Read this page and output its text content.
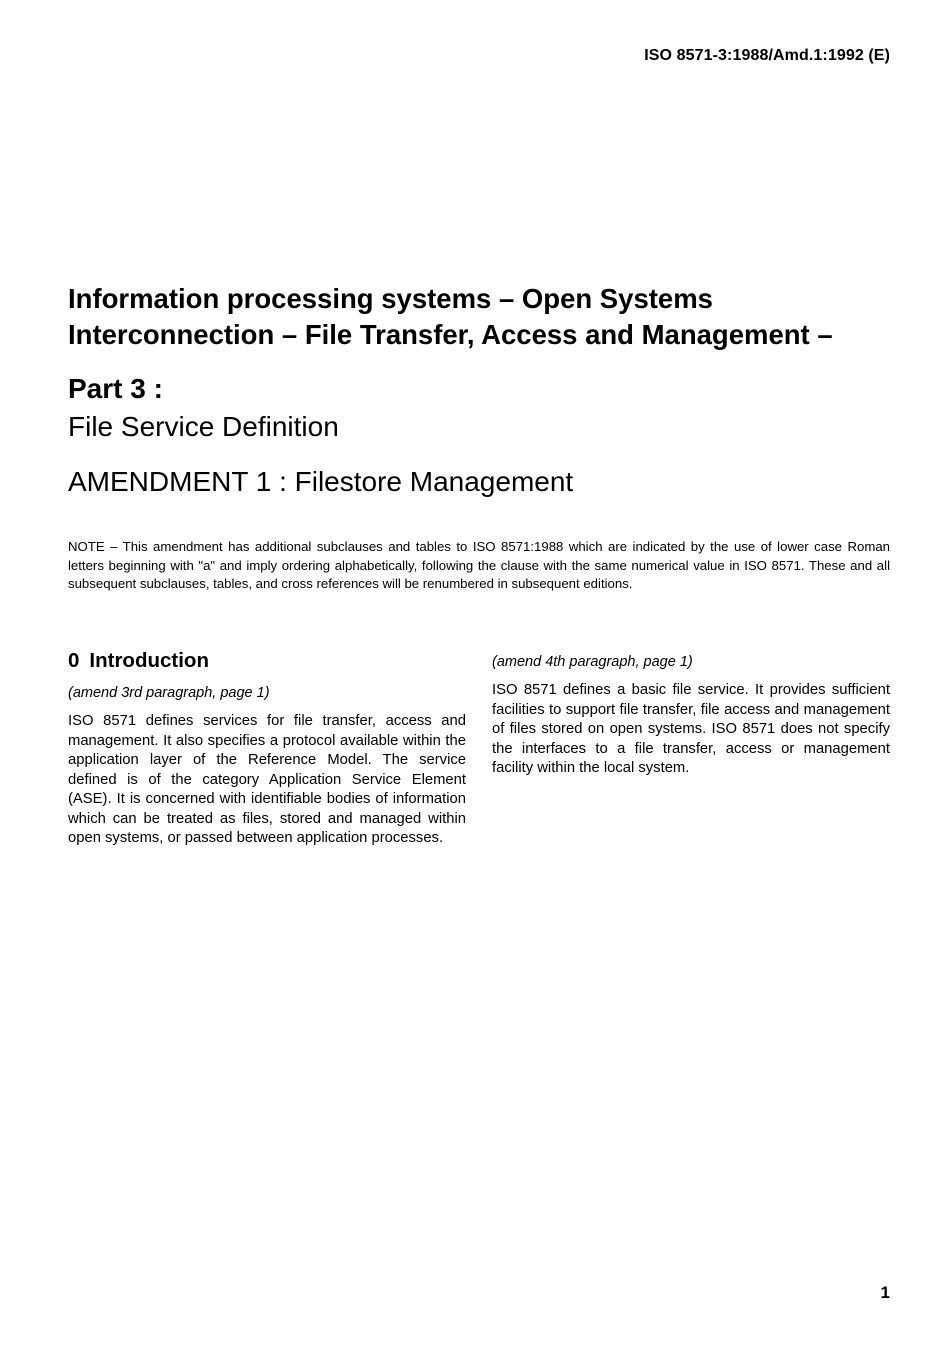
ISO 8571-3:1988/Amd.1:1992 (E)
Information processing systems – Open Systems Interconnection – File Transfer, Access and Management –
Part 3 :
File Service Definition
AMENDMENT 1 : Filestore Management

NOTE – This amendment has additional subclauses and tables to ISO 8571:1988 which are indicated by the use of lower case Roman letters beginning with "a" and imply ordering alphabetically, following the clause with the same numerical value in ISO 8571. These and all subsequent subclauses, tables, and cross references will be renumbered in subsequent editions.

0 Introduction

(amend 3rd paragraph, page 1)

ISO 8571 defines services for file transfer, access and management. It also specifies a protocol available within the application layer of the Reference Model. The service defined is of the category Application Service Element (ASE). It is concerned with identifiable bodies of information which can be treated as files, stored and managed within open systems, or passed between application processes.

(amend 4th paragraph, page 1)

ISO 8571 defines a basic file service. It provides sufficient facilities to support file transfer, file access and management of files stored on open systems. ISO 8571 does not specify the interfaces to a file transfer, access or management facility within the local system.

1
